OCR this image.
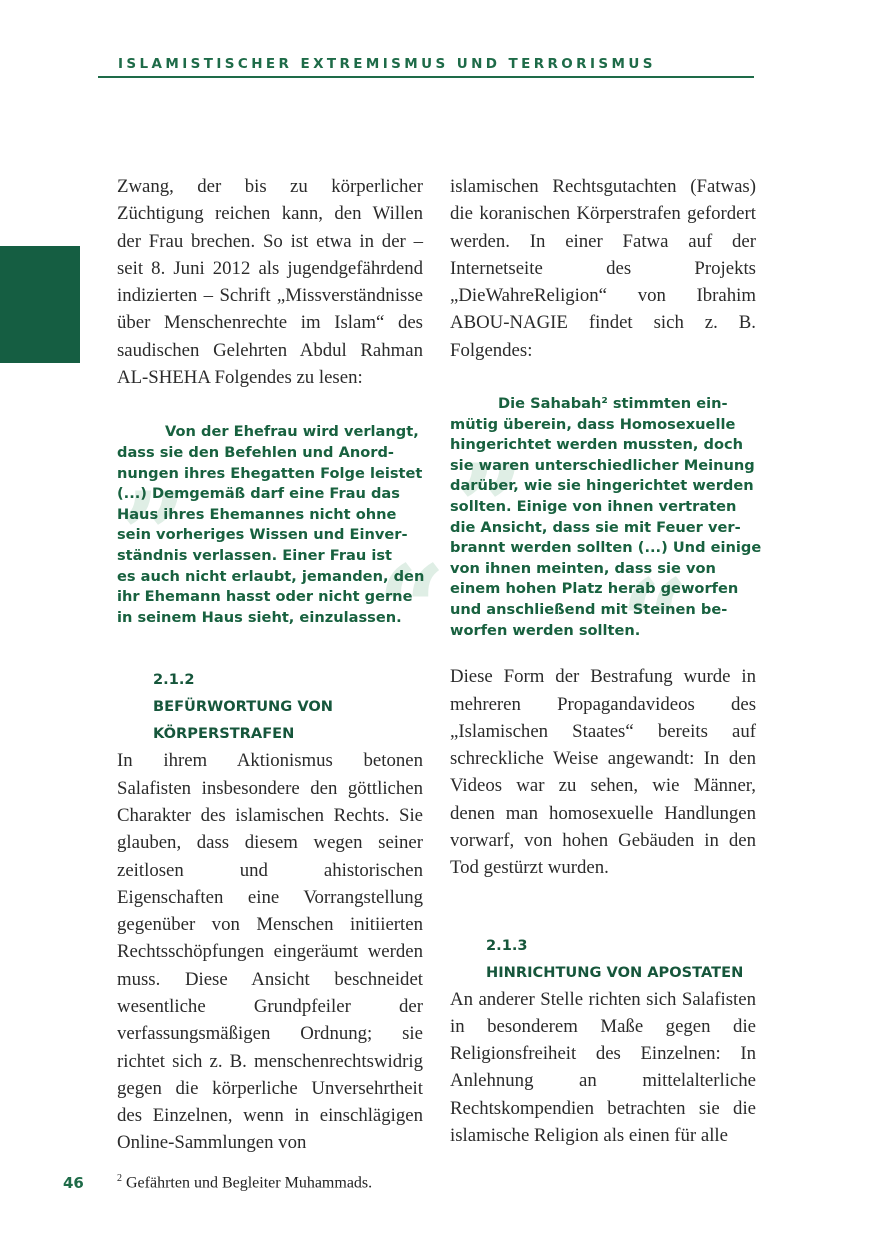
ISLAMISTISCHER EXTREMISMUS UND TERRORISMUS

Zwang, der bis zu körperlicher Züchtigung reichen kann, den Willen der Frau brechen. So ist etwa in der – seit 8. Juni 2012 als jugendgefährdend indizierten – Schrift „Missverständnisse über Menschenrechte im Islam“ des saudischen Gelehrten Abdul Rahman AL-SHEHA Folgendes zu lesen:

„
“
Von der Ehefrau wird verlangt,
dass sie den Befehlen und Anord-
nungen ihres Ehegatten Folge leistet
(...) Demgemäß darf eine Frau das
Haus ihres Ehemannes nicht ohne
sein vorheriges Wissen und Einver-
ständnis verlassen. Einer Frau ist
es auch nicht erlaubt, jemanden, den
ihr Ehemann hasst oder nicht gerne
in seinem Haus sieht, einzulassen.
2.1.2
BEFÜRWORTUNG VON
KÖRPERSTRAFEN

In ihrem Aktionismus betonen Salafisten insbesondere den göttlichen Charakter des islamischen Rechts. Sie glauben, dass diesem wegen seiner zeitlosen und ahistorischen Eigenschaften eine Vorrangstellung gegenüber von Menschen initiierten Rechtsschöpfungen eingeräumt werden muss. Diese Ansicht beschneidet wesentliche Grundpfeiler der verfassungsmäßigen Ordnung; sie richtet sich z. B. menschenrechtswidrig gegen die körperliche Unversehrtheit des Einzelnen, wenn in einschlägigen Online-Sammlungen von

islamischen Rechtsgutachten (Fatwas) die koranischen Körperstrafen gefordert werden. In einer Fatwa auf der Internetseite des Projekts „DieWahreReligion“ von Ibrahim ABOU-NAGIE findet sich z. B. Folgendes:

„
“
Die Sahabah² stimmten ein-
mütig überein, dass Homosexuelle
hingerichtet werden mussten, doch
sie waren unterschiedlicher Meinung
darüber, wie sie hingerichtet werden
sollten. Einige von ihnen vertraten
die Ansicht, dass sie mit Feuer ver-
brannt werden sollten (...) Und einige
von ihnen meinten, dass sie von
einem hohen Platz herab geworfen
und anschließend mit Steinen be-
worfen werden sollten.

Diese Form der Bestrafung wurde in mehreren Propagandavideos des „Islamischen Staates“ bereits auf schreckliche Weise angewandt: In den Videos war zu sehen, wie Männer, denen man homosexuelle Handlungen vorwarf, von hohen Gebäuden in den Tod gestürzt wurden.

2.1.3
HINRICHTUNG VON APOSTATEN

An anderer Stelle richten sich Salafisten in besonderem Maße gegen die Religionsfreiheit des Einzelnen: In Anlehnung an mittelalterliche Rechtskompendien betrachten sie die islamische Religion als einen für alle

46	$^2$ Gefährten und Begleiter Muhammads.
